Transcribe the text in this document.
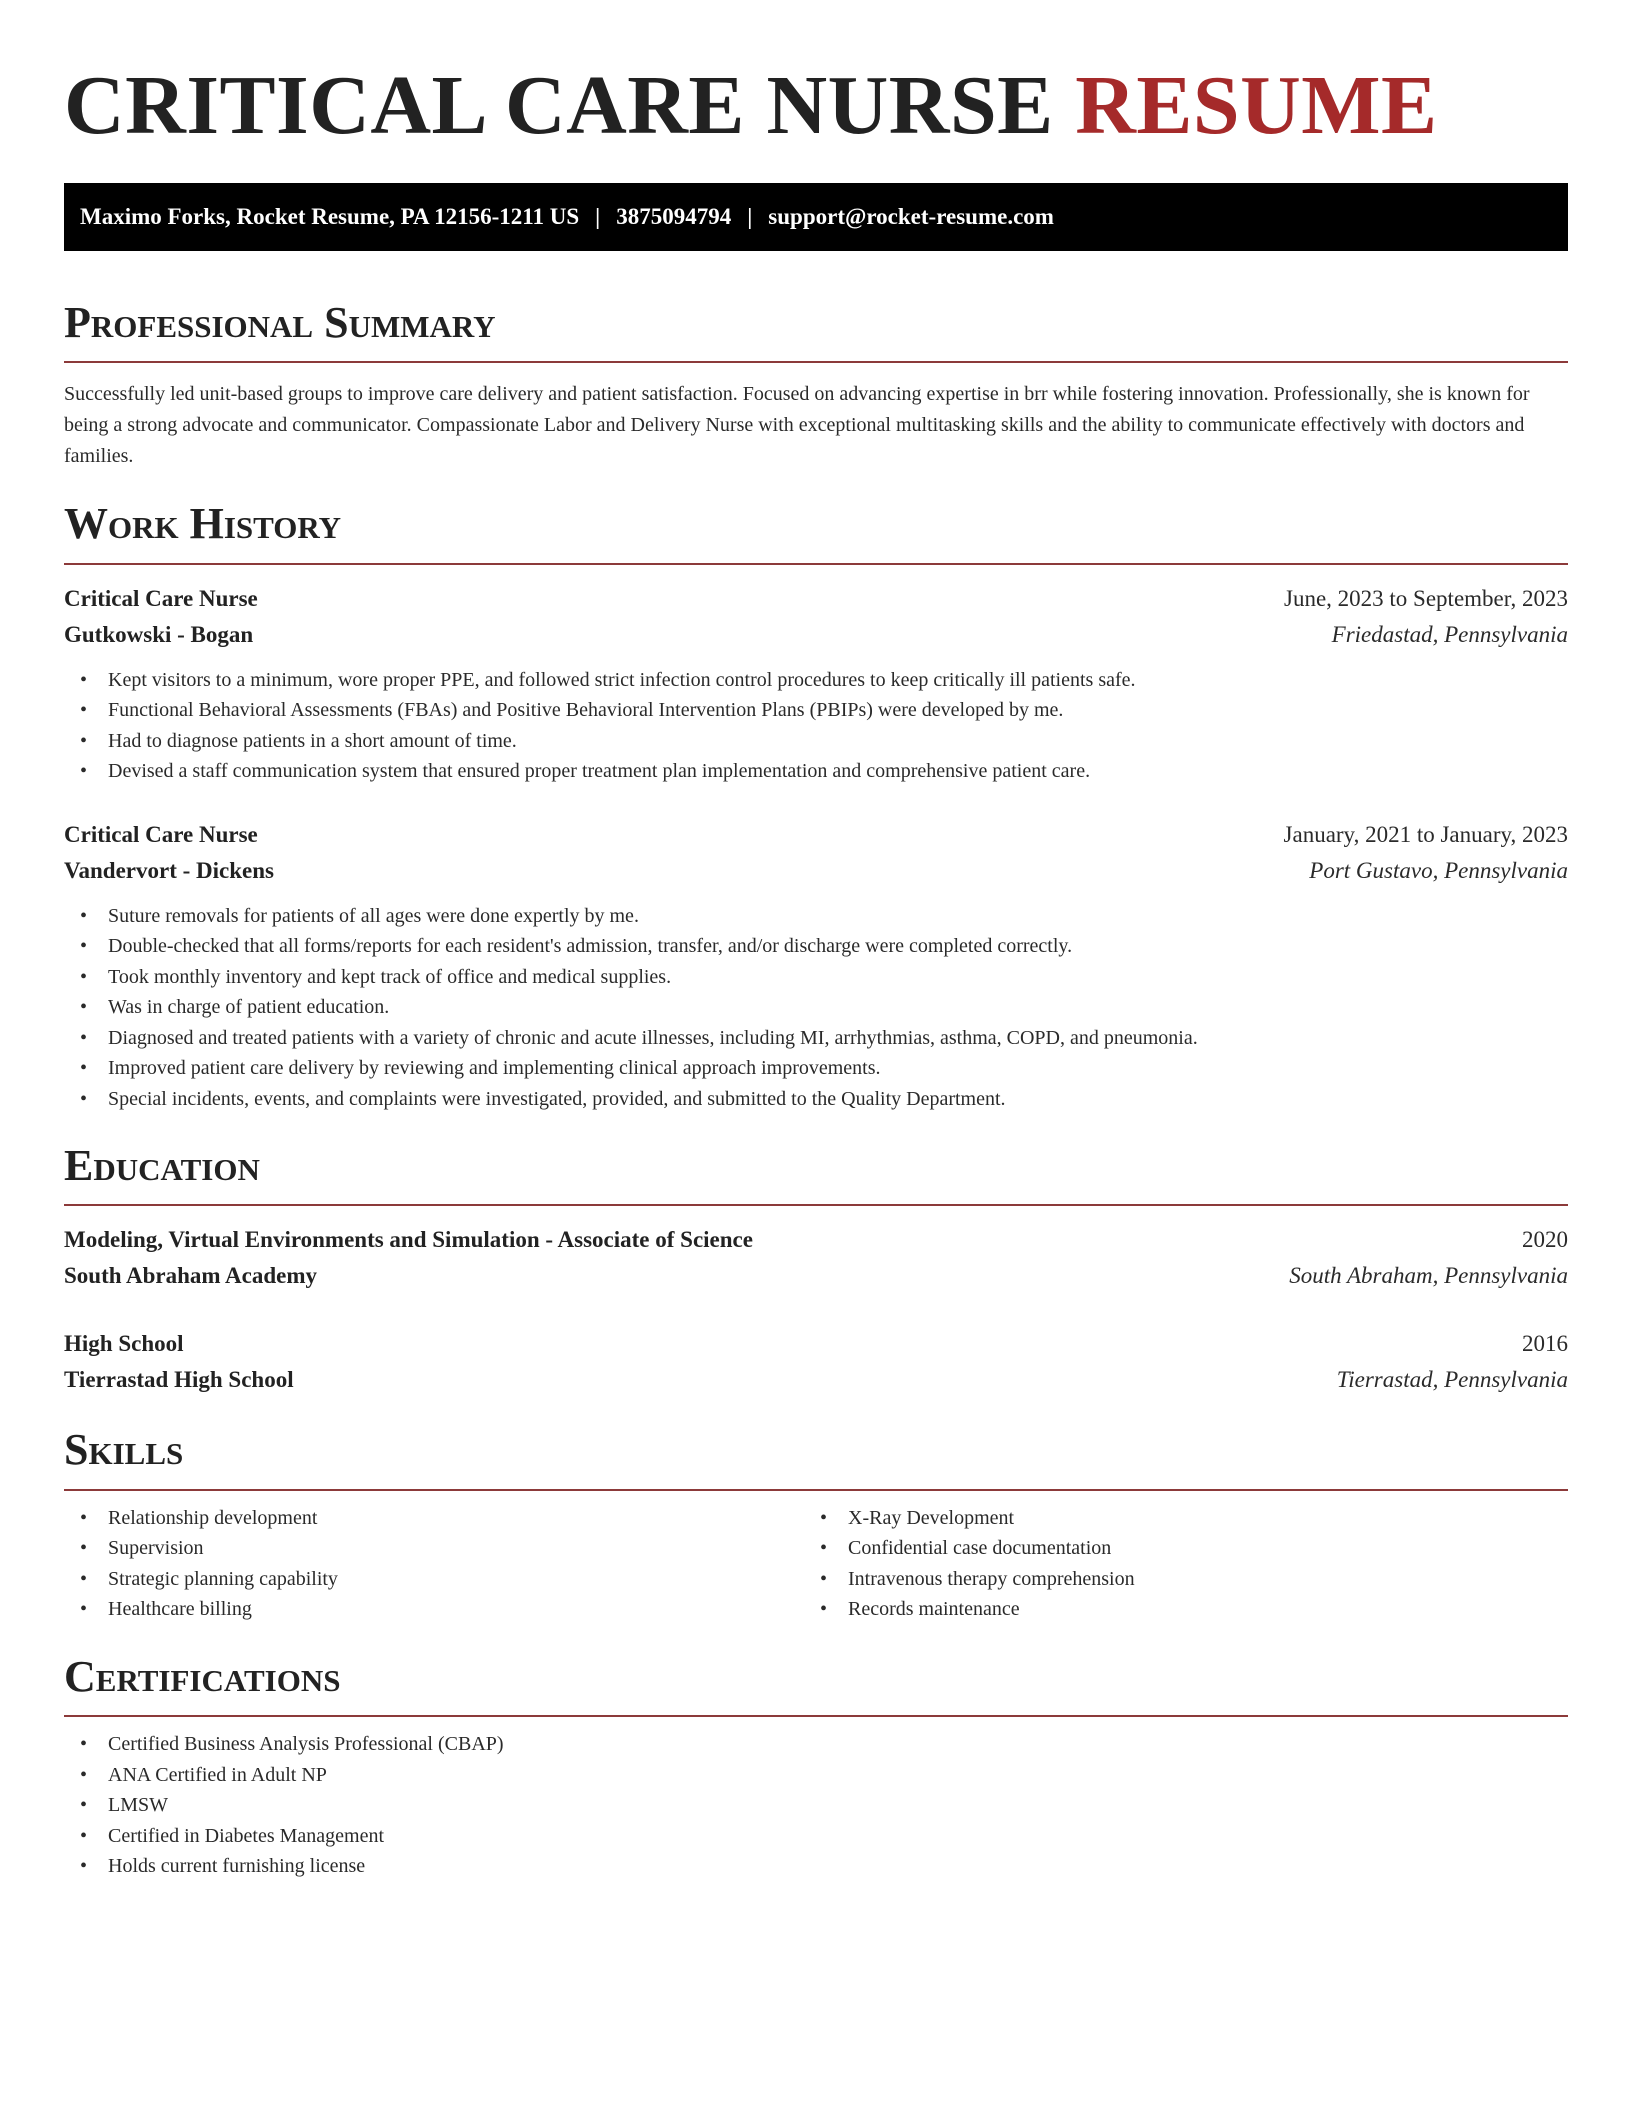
CRITICAL CARE NURSE RESUME
Maximo Forks, Rocket Resume, PA 12156-1211 US | 3875094794 | support@rocket-resume.com
Professional Summary

Successfully led unit-based groups to improve care delivery and patient satisfaction. Focused on advancing expertise in brr while fostering innovation. Professionally, she is known for being a strong advocate and communicator. Compassionate Labor and Delivery Nurse with exceptional multitasking skills and the ability to communicate effectively with doctors and families.

Work History
Critical Care Nurse	June, 2023 to September, 2023
Gutkowski - Bogan	Friedastad, Pennsylvania
• Kept visitors to a minimum, wore proper PPE, and followed strict infection control procedures to keep critically ill patients safe.
• Functional Behavioral Assessments (FBAs) and Positive Behavioral Intervention Plans (PBIPs) were developed by me.
• Had to diagnose patients in a short amount of time.
• Devised a staff communication system that ensured proper treatment plan implementation and comprehensive patient care.
Critical Care Nurse	January, 2021 to January, 2023
Vandervort - Dickens	Port Gustavo, Pennsylvania
• Suture removals for patients of all ages were done expertly by me.
• Double-checked that all forms/reports for each resident's admission, transfer, and/or discharge were completed correctly.
• Took monthly inventory and kept track of office and medical supplies.
• Was in charge of patient education.
• Diagnosed and treated patients with a variety of chronic and acute illnesses, including MI, arrhythmias, asthma, COPD, and pneumonia.
• Improved patient care delivery by reviewing and implementing clinical approach improvements.
• Special incidents, events, and complaints were investigated, provided, and submitted to the Quality Department.
Education
Modeling, Virtual Environments and Simulation - Associate of Science	2020
South Abraham Academy	South Abraham, Pennsylvania
High School	2016
Tierrastad High School	Tierrastad, Pennsylvania
Skills
• Relationship development
• Supervision
• Strategic planning capability
• Healthcare billing
• X-Ray Development
• Confidential case documentation
• Intravenous therapy comprehension
• Records maintenance
Certifications
• Certified Business Analysis Professional (CBAP)
• ANA Certified in Adult NP
• LMSW
• Certified in Diabetes Management
• Holds current furnishing license
